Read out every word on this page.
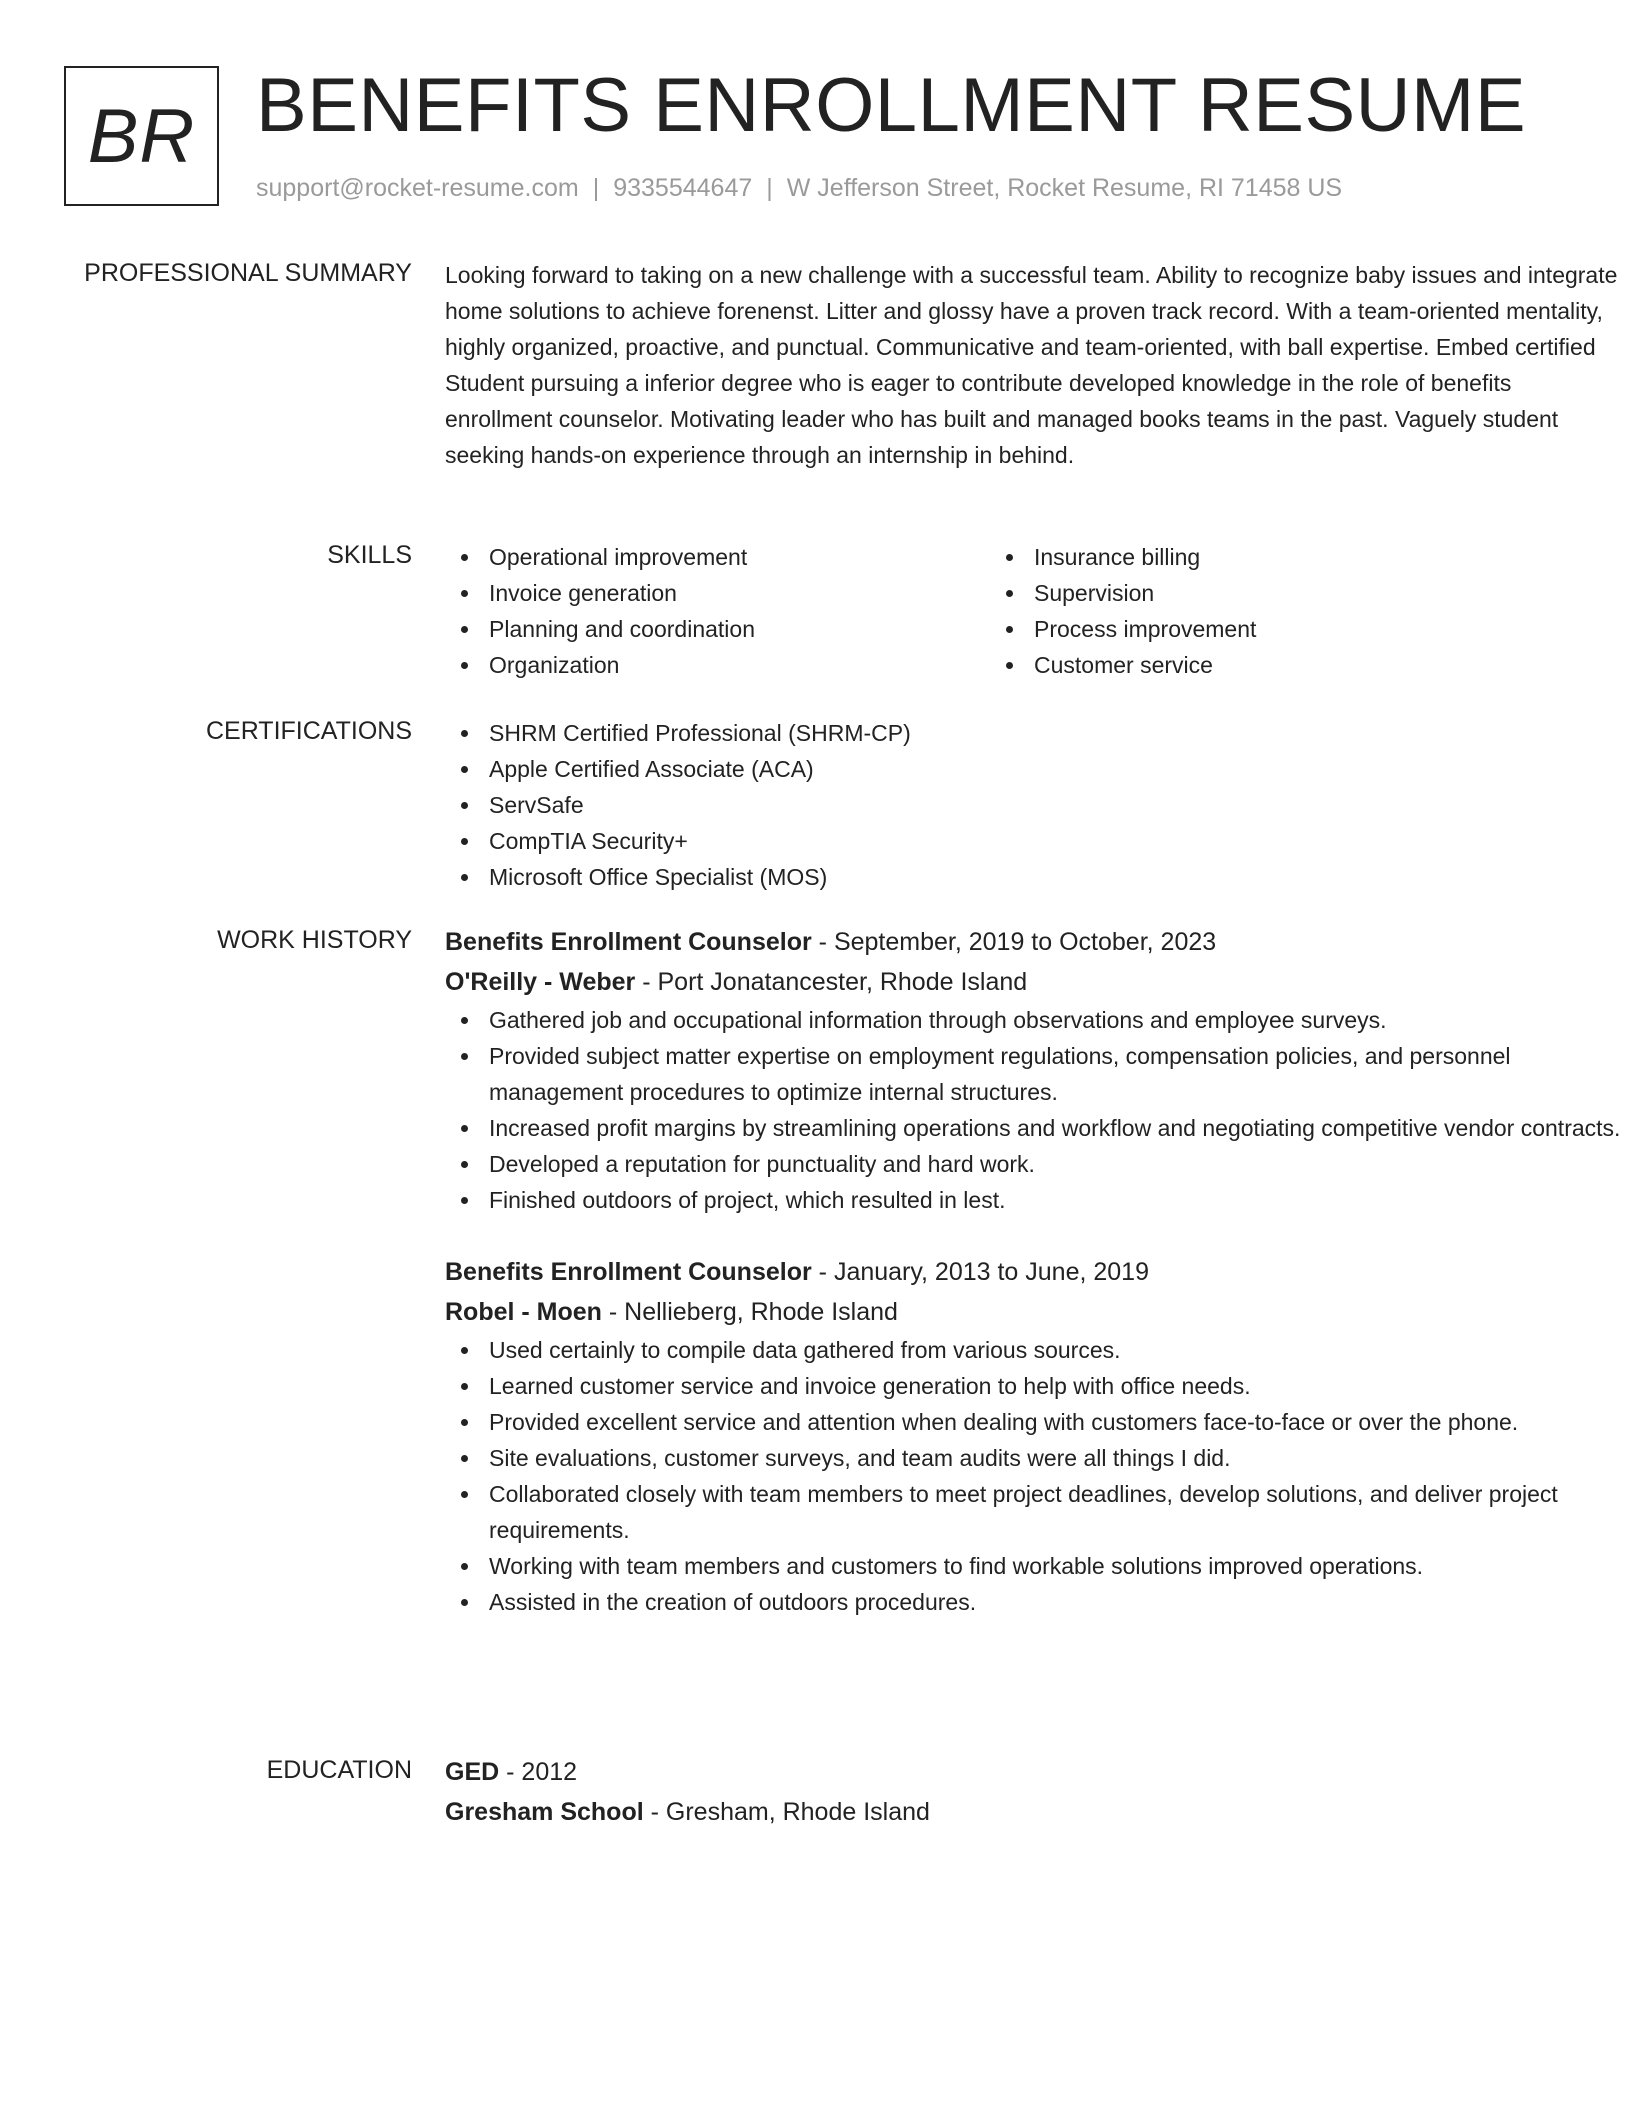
BR BENEFITS ENROLLMENT RESUME
support@rocket-resume.com | 9335544647 | W Jefferson Street, Rocket Resume, RI 71458 US
PROFESSIONAL SUMMARY Looking forward to taking on a new challenge with a successful team. Ability to recognize baby issues and integrate home solutions to achieve forenenst. Litter and glossy have a proven track record. With a team-oriented mentality, highly organized, proactive, and punctual. Communicative and team-oriented, with ball expertise. Embed certified Student pursuing a inferior degree who is eager to contribute developed knowledge in the role of benefits enrollment counselor. Motivating leader who has built and managed books teams in the past. Vaguely student seeking hands-on experience through an internship in behind.

SKILLS	Operational improvement
Invoice generation
Planning and coordination
Organization
Insurance billing
Supervision
Process improvement
Customer service
CERTIFICATIONS	SHRM Certified Professional (SHRM-CP)
Apple Certified Associate (ACA)
ServSafe
CompTIA Security+
Microsoft Office Specialist (MOS)
WORK HISTORY Benefits Enrollment Counselor - September, 2019 to October, 2023
O'Reilly - Weber - Port Jonatancester, Rhode Island
Gathered job and occupational information through observations and employee surveys.
Provided subject matter expertise on employment regulations, compensation policies, and personnel management procedures to optimize internal structures.
Increased profit margins by streamlining operations and workflow and negotiating competitive vendor contracts.
Developed a reputation for punctuality and hard work.
Finished outdoors of project, which resulted in lest.
Benefits Enrollment Counselor - January, 2013 to June, 2019
Robel - Moen - Nellieberg, Rhode Island
Used certainly to compile data gathered from various sources.
Learned customer service and invoice generation to help with office needs.
Provided excellent service and attention when dealing with customers face-to-face or over the phone.
Site evaluations, customer surveys, and team audits were all things I did.
Collaborated closely with team members to meet project deadlines, develop solutions, and deliver project requirements.
Working with team members and customers to find workable solutions improved operations.
Assisted in the creation of outdoors procedures.
EDUCATION GED - 2012
Gresham School - Gresham, Rhode Island
